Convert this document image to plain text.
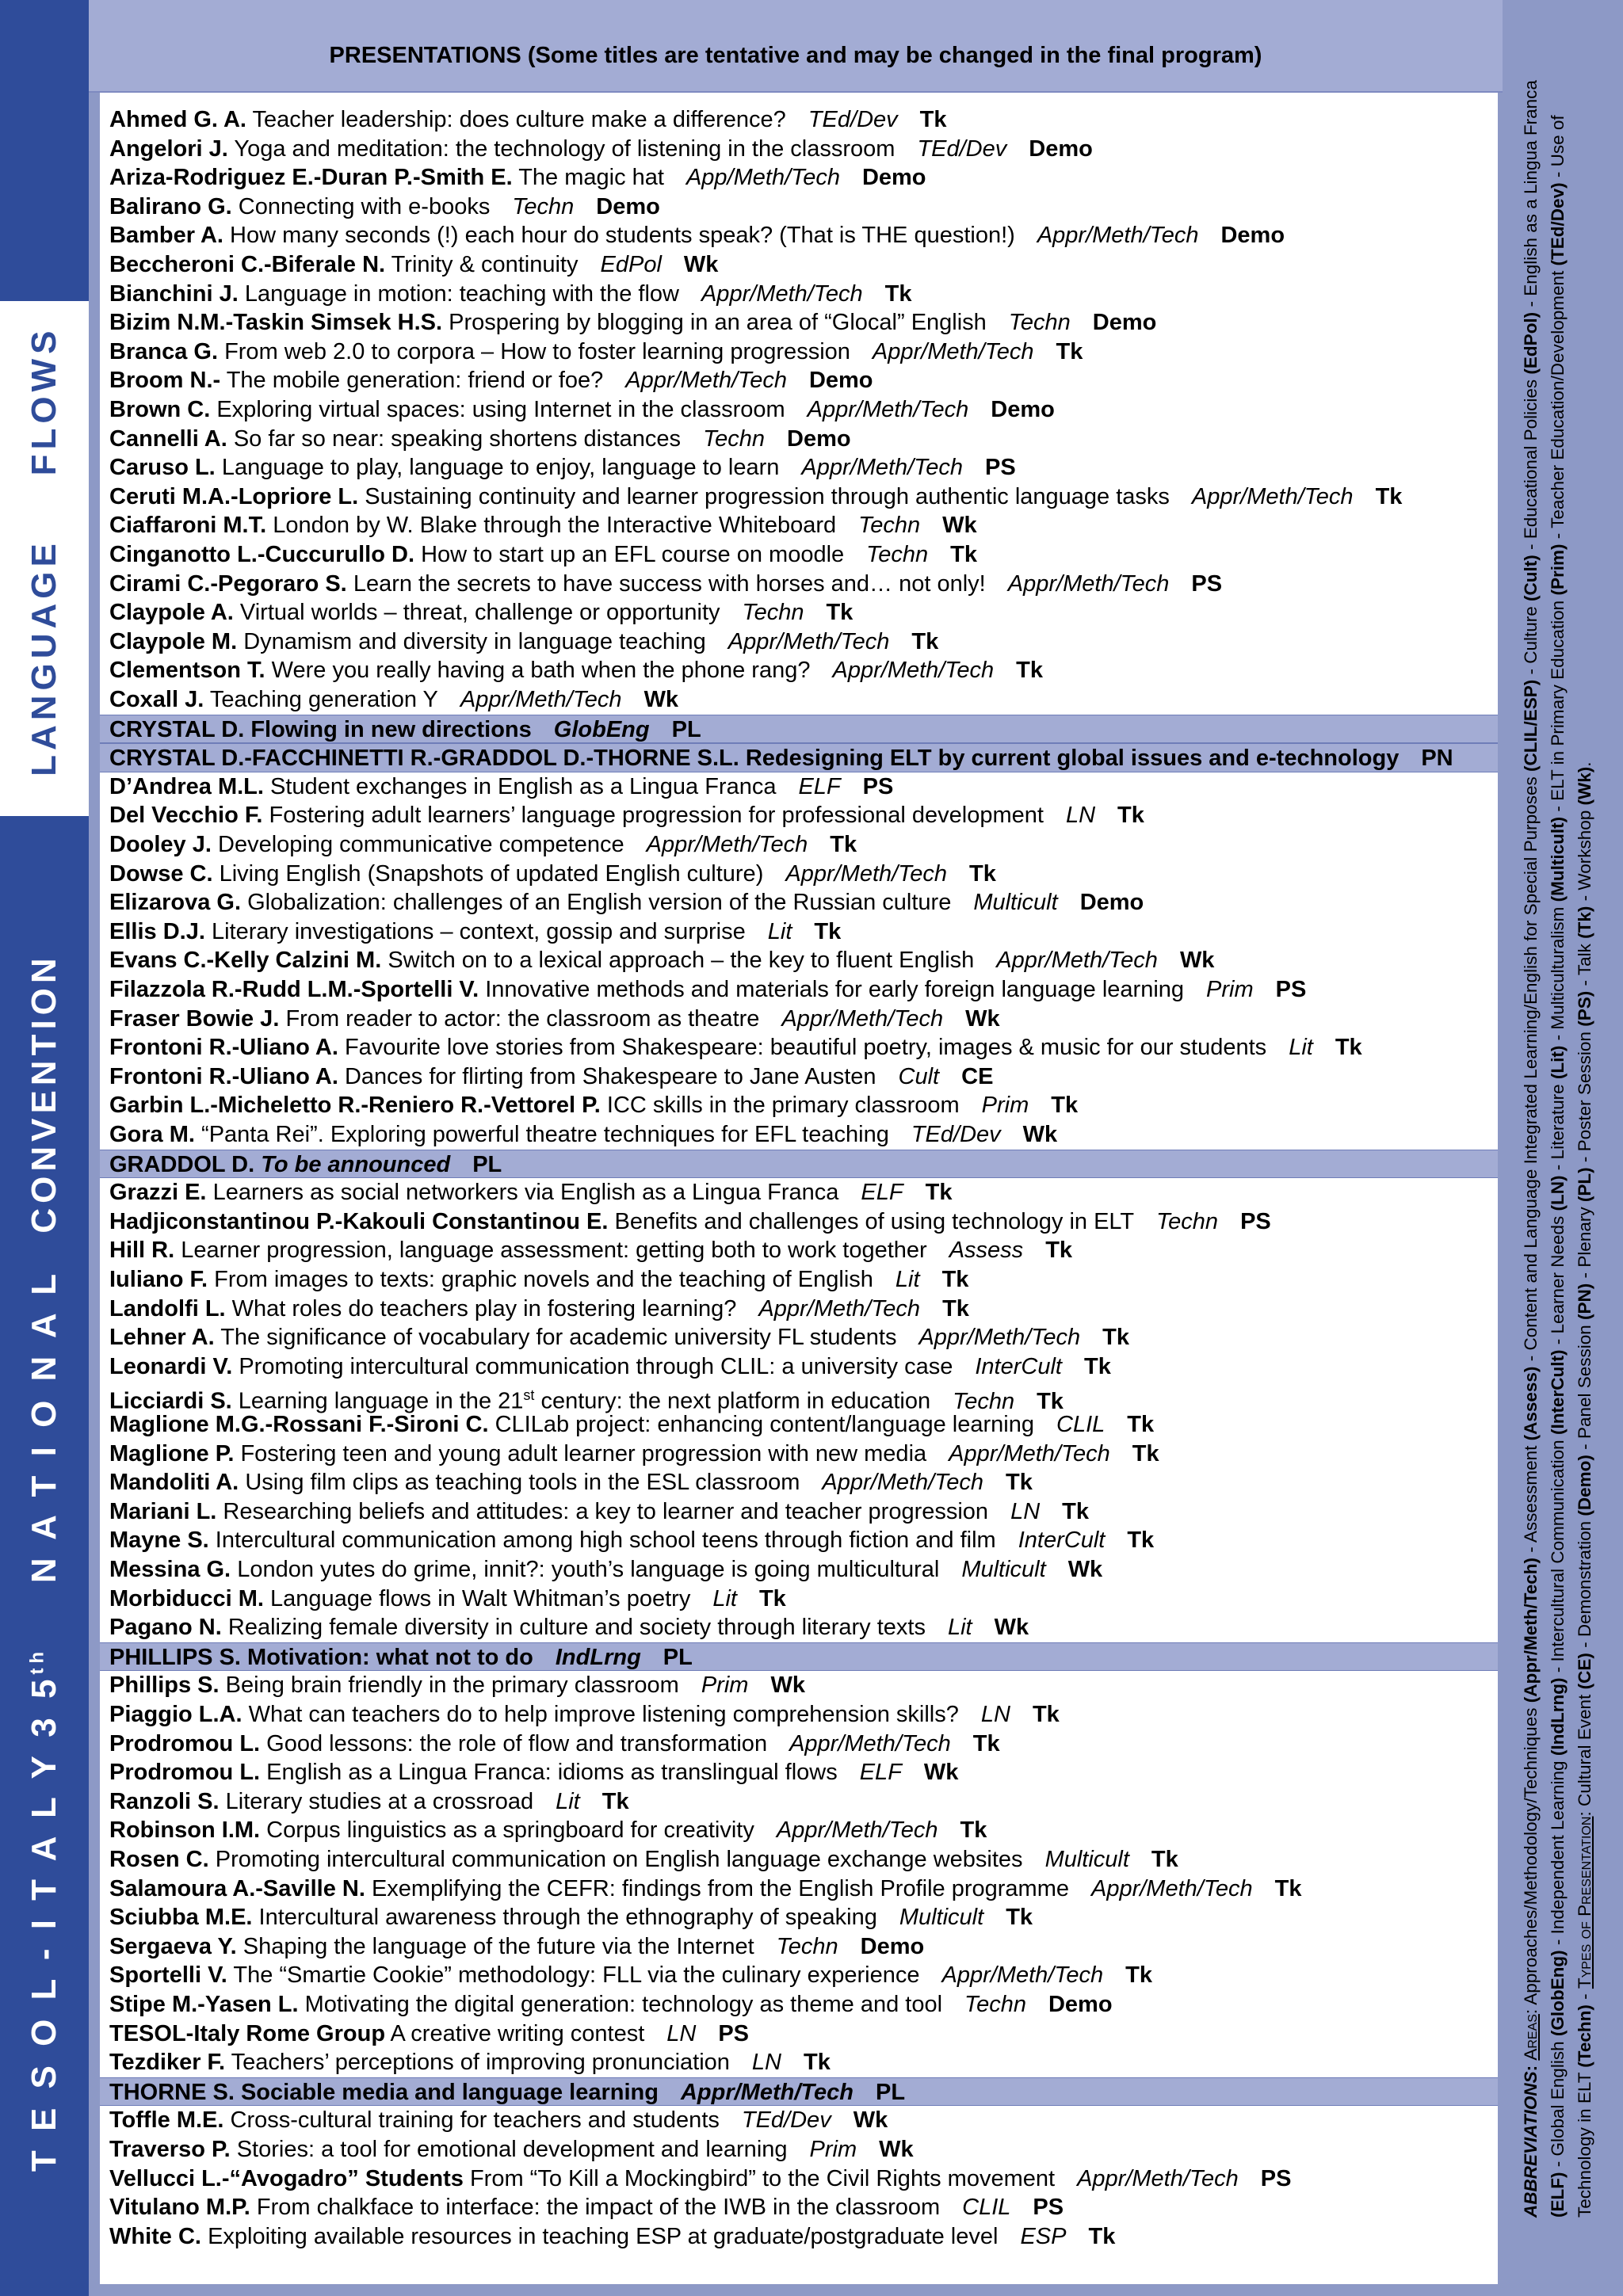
FLOWS
LANGUAGE
CONVENTION
N A T I O N A L
T E S O L - I T A L Y 3 5th
PRESENTATIONS (Some titles are tentative and may be changed in the final program)
Ahmed G. A. Teacher leadership: does culture make a difference? TEd/Dev Tk
Angelori J. Yoga and meditation: the technology of listening in the classroom TEd/Dev Demo
Ariza-Rodriguez E.-Duran P.-Smith E. The magic hat App/Meth/Tech Demo
Balirano G. Connecting with e-books Techn Demo
Bamber A. How many seconds (!) each hour do students speak? (That is THE question!) Appr/Meth/Tech Demo
Beccheroni C.-Biferale N. Trinity & continuity EdPol Wk
Bianchini J. Language in motion: teaching with the flow Appr/Meth/Tech Tk
Bizim N.M.-Taskin Simsek H.S. Prospering by blogging in an area of “Glocal” English Techn Demo
Branca G. From web 2.0 to corpora – How to foster learning progression Appr/Meth/Tech Tk
Broom N.- The mobile generation: friend or foe? Appr/Meth/Tech Demo
Brown C. Exploring virtual spaces: using Internet in the classroom Appr/Meth/Tech Demo
Cannelli A. So far so near: speaking shortens distances Techn Demo
Caruso L. Language to play, language to enjoy, language to learn Appr/Meth/Tech PS
Ceruti M.A.-Lopriore L. Sustaining continuity and learner progression through authentic language tasks Appr/Meth/Tech Tk
Ciaffaroni M.T. London by W. Blake through the Interactive Whiteboard Techn Wk
Cinganotto L.-Cuccurullo D. How to start up an EFL course on moodle Techn Tk
Cirami C.-Pegoraro S. Learn the secrets to have success with horses and… not only! Appr/Meth/Tech PS
Claypole A. Virtual worlds – threat, challenge or opportunity Techn Tk
Claypole M. Dynamism and diversity in language teaching Appr/Meth/Tech Tk
Clementson T. Were you really having a bath when the phone rang? Appr/Meth/Tech Tk
Coxall J. Teaching generation Y Appr/Meth/Tech Wk
CRYSTAL D. Flowing in new directions GlobEng PL
CRYSTAL D.-FACCHINETTI R.-GRADDOL D.-THORNE S.L. Redesigning ELT by current global issues and e-technology PN
D’Andrea M.L. Student exchanges in English as a Lingua Franca ELF PS
Del Vecchio F. Fostering adult learners’ language progression for professional development LN Tk
Dooley J. Developing communicative competence Appr/Meth/Tech Tk
Dowse C. Living English (Snapshots of updated English culture) Appr/Meth/Tech Tk
Elizarova G. Globalization: challenges of an English version of the Russian culture Multicult Demo
Ellis D.J. Literary investigations – context, gossip and surprise Lit Tk
Evans C.-Kelly Calzini M. Switch on to a lexical approach – the key to fluent English Appr/Meth/Tech Wk
Filazzola R.-Rudd L.M.-Sportelli V. Innovative methods and materials for early foreign language learning Prim PS
Fraser Bowie J. From reader to actor: the classroom as theatre Appr/Meth/Tech Wk
Frontoni R.-Uliano A. Favourite love stories from Shakespeare: beautiful poetry, images & music for our students Lit Tk
Frontoni R.-Uliano A. Dances for flirting from Shakespeare to Jane Austen Cult CE
Garbin L.-Micheletto R.-Reniero R.-Vettorel P. ICC skills in the primary classroom Prim Tk
Gora M. “Panta Rei”. Exploring powerful theatre techniques for EFL teaching TEd/Dev Wk
GRADDOL D. To be announced PL
Grazzi E. Learners as social networkers via English as a Lingua Franca ELF Tk
Hadjiconstantinou P.-Kakouli Constantinou E. Benefits and challenges of using technology in ELT Techn PS
Hill R. Learner progression, language assessment: getting both to work together Assess Tk
Iuliano F. From images to texts: graphic novels and the teaching of English Lit Tk
Landolfi L. What roles do teachers play in fostering learning? Appr/Meth/Tech Tk
Lehner A. The significance of vocabulary for academic university FL students Appr/Meth/Tech Tk
Leonardi V. Promoting intercultural communication through CLIL: a university case InterCult Tk
Licciardi S. Learning language in the 21st century: the next platform in education Techn Tk
Maglione M.G.-Rossani F.-Sironi C. CLILab project: enhancing content/language learning CLIL Tk
Maglione P. Fostering teen and young adult learner progression with new media Appr/Meth/Tech Tk
Mandoliti A. Using film clips as teaching tools in the ESL classroom Appr/Meth/Tech Tk
Mariani L. Researching beliefs and attitudes: a key to learner and teacher progression LN Tk
Mayne S. Intercultural communication among high school teens through fiction and film InterCult Tk
Messina G. London yutes do grime, innit?: youth’s language is going multicultural Multicult Wk
Morbiducci M. Language flows in Walt Whitman’s poetry Lit Tk
Pagano N. Realizing female diversity in culture and society through literary texts Lit Wk
PHILLIPS S. Motivation: what not to do IndLrng PL
Phillips S. Being brain friendly in the primary classroom Prim Wk
Piaggio L.A. What can teachers do to help improve listening comprehension skills? LN Tk
Prodromou L. Good lessons: the role of flow and transformation Appr/Meth/Tech Tk
Prodromou L. English as a Lingua Franca: idioms as translingual flows ELF Wk
Ranzoli S. Literary studies at a crossroad Lit Tk
Robinson I.M. Corpus linguistics as a springboard for creativity Appr/Meth/Tech Tk
Rosen C. Promoting intercultural communication on English language exchange websites Multicult Tk
Salamoura A.-Saville N. Exemplifying the CEFR: findings from the English Profile programme Appr/Meth/Tech Tk
Sciubba M.E. Intercultural awareness through the ethnography of speaking Multicult Tk
Sergaeva Y. Shaping the language of the future via the Internet Techn Demo
Sportelli V. The “Smartie Cookie” methodology: FLL via the culinary experience Appr/Meth/Tech Tk
Stipe M.-Yasen L. Motivating the digital generation: technology as theme and tool Techn Demo
TESOL-Italy Rome Group A creative writing contest LN PS
Tezdiker F. Teachers’ perceptions of improving pronunciation LN Tk
THORNE S. Sociable media and language learning Appr/Meth/Tech PL
Toffle M.E. Cross-cultural training for teachers and students TEd/Dev Wk
Traverso P. Stories: a tool for emotional development and learning Prim Wk
Vellucci L.-“Avogadro” Students From “To Kill a Mockingbird” to the Civil Rights movement Appr/Meth/Tech PS
Vitulano M.P. From chalkface to interface: the impact of the IWB in the classroom CLIL PS
White C. Exploiting available resources in teaching ESP at graduate/postgraduate level ESP Tk
ABBREVIATIONS: Areas: Approaches/Methodology/Techniques (Appr/Meth/Tech) - Assessment (Assess) - Content and Language Integrated Learning/English for Special Purposes (CLIL/ESP) - Culture (Cult) - Educational Policies (EdPol) - English as a Lingua Franca (ELF) - Global English (GlobEng) - Independent Learning (IndLrng) - Intercultural Communication (InterCult) - Learner Needs (LN) - Literature (Lit) - Multiculturalism (Multicult) - ELT in Primary Education (Prim) - Teacher Education/Development (TEd/Dev) - Use of Technology in ELT (Techn) - Types of Presentation: Cultural Event (CE) - Demonstration (Demo) - Panel Session (PN) - Plenary (PL) - Poster Session (PS) - Talk (Tk) - Workshop (Wk).
